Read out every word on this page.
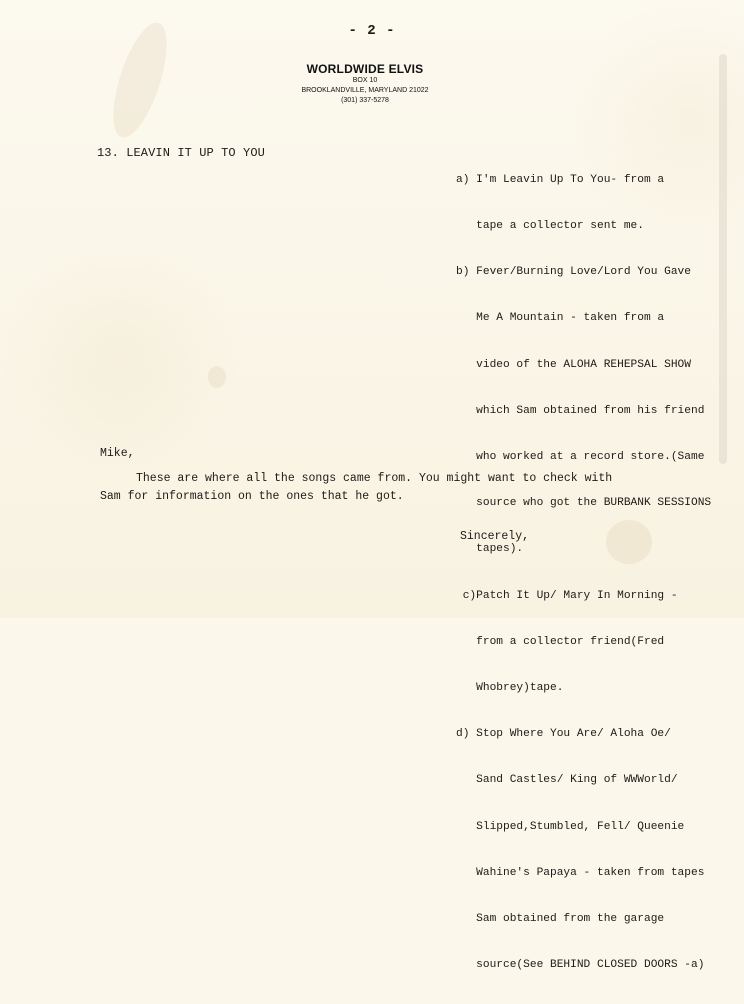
- 2 -
WORLDWIDE ELVIS
BOX 10
BROOKLANDVILLE, MARYLAND 21022
(301) 337-5278
13. LEAVIN IT UP TO YOU

a) I'm Leavin Up To You- from a

tape a collector sent me.

b) Fever/Burning Love/Lord You Gave

Me A Mountain - taken from a

video of the ALOHA REHEPSAL SHOW

which Sam obtained from his friend

who worked at a record store.(Same

source who got the BURBANK SESSIONS

tapes).

c)Patch It Up/ Mary In Morning -

from a collector friend(Fred

Whobrey)tape.

d) Stop Where You Are/ Aloha Oe/

Sand Castles/ King of WWWorld/

Slipped,Stumbled, Fell/ Queenie

Wahine's Papaya - taken from tapes

Sam obtained from the garage

source(See BEHIND CLOSED DOORS -a)

Mike,
These are where all the songs came from. You might want to check with
Sam for information on the ones that he got.
Sincerely,
